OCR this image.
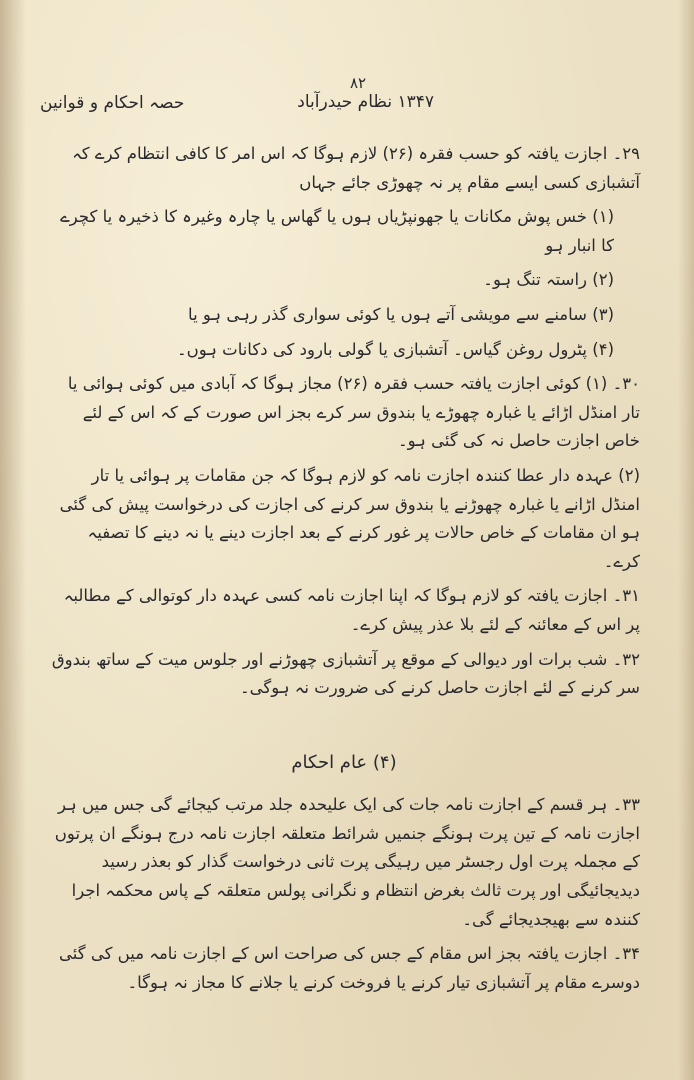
۸۲
۱۳۴۷ نظام حیدرآباد
حصہ احکام و قوانین

۲۹۔ اجازت یافتہ کو حسب فقرہ (۲۶) لازم ہوگا کہ اس امر کا کافی انتظام کرے کہ آتشبازی کسی ایسے مقام پر نہ چھوڑی جائے جہاں

(۱) خس پوش مکانات یا جھونپڑیاں ہوں یا گھاس یا چارہ وغیرہ کا ذخیرہ یا کچرے کا انبار ہو

(۲) راستہ تنگ ہو۔

(۳) سامنے سے مویشی آتے ہوں یا کوئی سواری گذر رہی ہو یا

(۴) پٹرول روغن گیاس۔ آتشبازی یا گولی بارود کی دکانات ہوں۔

۳۰۔ (۱) کوئی اجازت یافتہ حسب فقرہ (۲۶) مجاز ہوگا کہ آبادی میں کوئی ہوائی یا تار امنڈل اڑائے یا غبارہ چھوڑے یا بندوق سر کرے بجز اس صورت کے کہ اس کے لئے خاص اجازت حاصل نہ کی گئی ہو۔

(۲) عہدہ دار عطا کنندہ اجازت نامہ کو لازم ہوگا کہ جن مقامات پر ہوائی یا تار امنڈل اڑانے یا غبارہ چھوڑنے یا بندوق سر کرنے کی اجازت کی درخواست پیش کی گئی ہو ان مقامات کے خاص حالات پر غور کرنے کے بعد اجازت دینے یا نہ دینے کا تصفیہ کرے۔

۳۱۔ اجازت یافتہ کو لازم ہوگا کہ اپنا اجازت نامہ کسی عہدہ دار کوتوالی کے مطالبہ پر اس کے معائنہ کے لئے بلا عذر پیش کرے۔

۳۲۔ شب برات اور دیوالی کے موقع پر آتشبازی چھوڑنے اور جلوس میت کے ساتھ بندوق سر کرنے کے لئے اجازت حاصل کرنے کی ضرورت نہ ہوگی۔

(۴) عام احکام

۳۳۔ ہر قسم کے اجازت نامہ جات کی ایک علیحدہ جلد مرتب کیجائے گی جس میں ہر اجازت نامہ کے تین پرت ہونگے جنمیں شرائط متعلقہ اجازت نامہ درج ہونگے ان پرتوں کے مجملہ پرت اول رجسٹر میں رہیگی پرت ثانی درخواست گذار کو بعذر رسید دیدیجائیگی اور پرت ثالث بغرض انتظام و نگرانی پولس متعلقہ کے پاس محکمہ اجرا کنندہ سے بھیجدیجائے گی۔

۳۴۔ اجازت یافتہ بجز اس مقام کے جس کی صراحت اس کے اجازت نامہ میں کی گئی دوسرے مقام پر آتشبازی تیار کرنے یا فروخت کرنے یا جلانے کا مجاز نہ ہوگا۔
